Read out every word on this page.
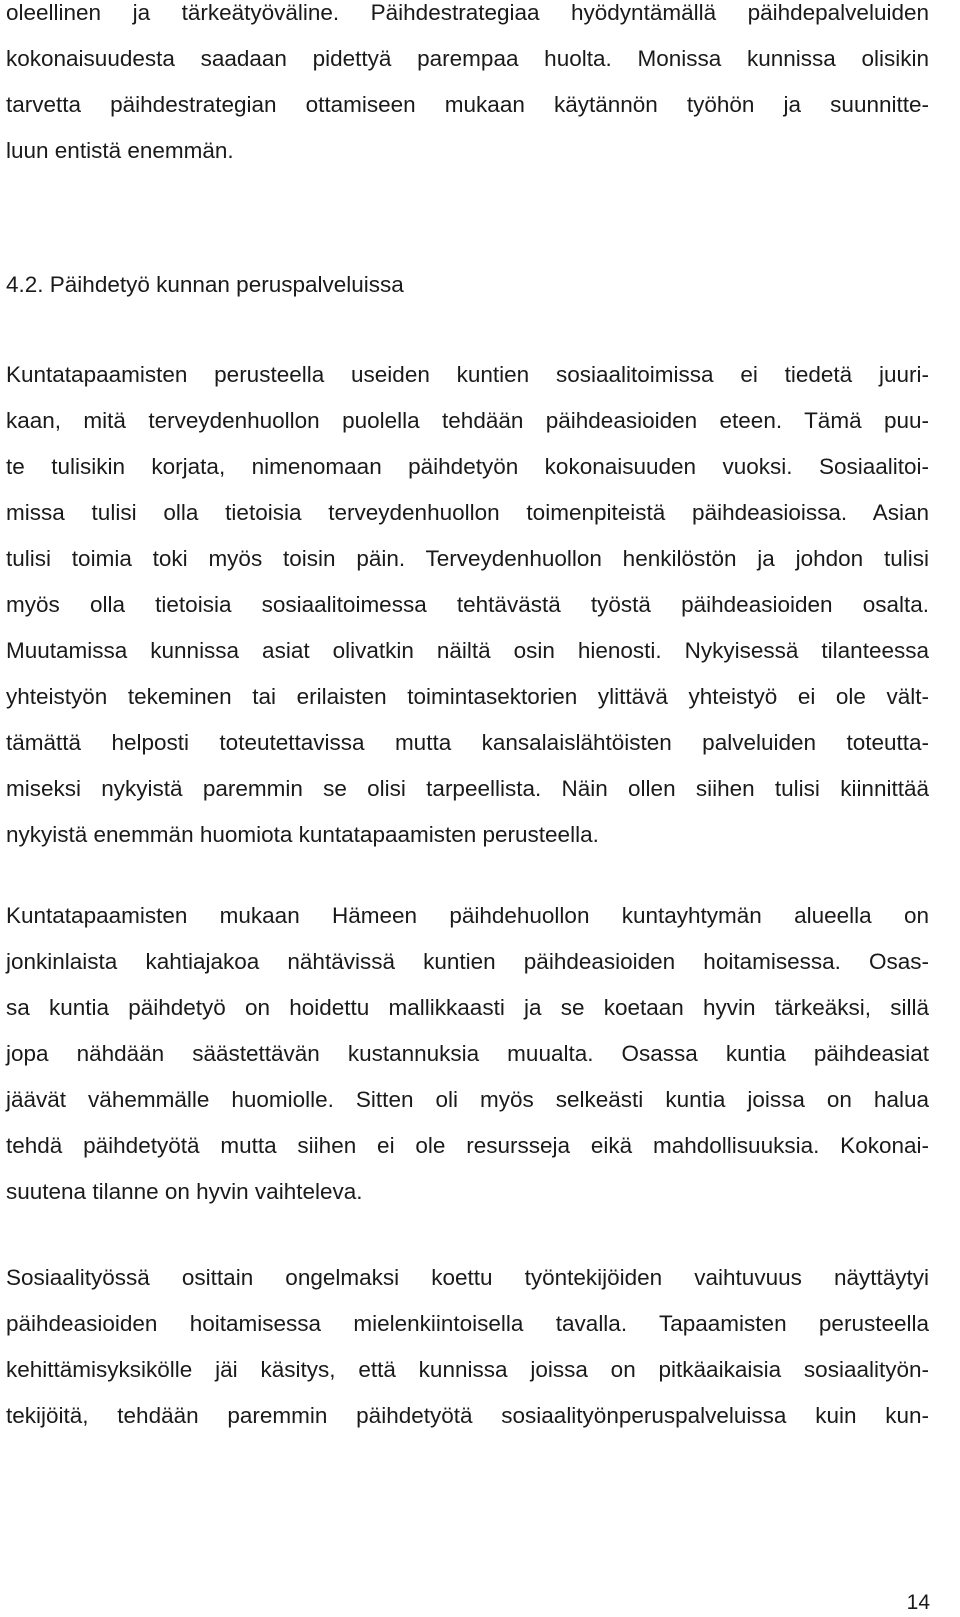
oleellinen ja tärkeätyöväline. Päihdestrategiaa hyödyntämällä päihdepalveluiden
kokonaisuudesta saadaan pidettyä parempaa huolta. Monissa kunnissa olisikin
tarvetta päihdestrategian ottamiseen mukaan käytännön työhön ja suunnitte-
luun entistä enemmän.
4.2. Päihdetyö kunnan peruspalveluissa
Kuntatapaamisten perusteella useiden kuntien sosiaalitoimissa ei tiedetä juuri-
kaan, mitä terveydenhuollon puolella tehdään päihdeasioiden eteen. Tämä puu-
te tulisikin korjata, nimenomaan päihdetyön kokonaisuuden vuoksi. Sosiaalitoi-
missa tulisi olla tietoisia terveydenhuollon toimenpiteistä päihdeasioissa. Asian
tulisi toimia toki myös toisin päin. Terveydenhuollon henkilöstön ja johdon tulisi
myös olla tietoisia sosiaalitoimessa tehtävästä työstä päihdeasioiden osalta.
Muutamissa kunnissa asiat olivatkin näiltä osin hienosti. Nykyisessä tilanteessa
yhteistyön tekeminen tai erilaisten toimintasektorien ylittävä yhteistyö ei ole vält-
tämättä helposti toteutettavissa mutta kansalaislähtöisten palveluiden toteutta-
miseksi nykyistä paremmin se olisi tarpeellista. Näin ollen siihen tulisi kiinnittää
nykyistä enemmän huomiota kuntatapaamisten perusteella.
Kuntatapaamisten mukaan Hämeen päihdehuollon kuntayhtymän alueella on
jonkinlaista kahtiajakoa nähtävissä kuntien päihdeasioiden hoitamisessa. Osas-
sa kuntia päihdetyö on hoidettu mallikkaasti ja se koetaan hyvin tärkeäksi, sillä
jopa nähdään säästettävän kustannuksia muualta. Osassa kuntia päihdeasiat
jäävät vähemmälle huomiolle. Sitten oli myös selkeästi kuntia joissa on halua
tehdä päihdetyötä mutta siihen ei ole resursseja eikä mahdollisuuksia. Kokonai-
suutena tilanne on hyvin vaihteleva.
Sosiaalityössä osittain ongelmaksi koettu työntekijöiden vaihtuvuus näyttäytyi
päihdeasioiden hoitamisessa mielenkiintoisella tavalla. Tapaamisten perusteella
kehittämisyksikölle jäi käsitys, että kunnissa joissa on pitkäaikaisia sosiaalityön-
tekijöitä, tehdään paremmin päihdetyötä sosiaalityönperuspalveluissa kuin kun-
14
